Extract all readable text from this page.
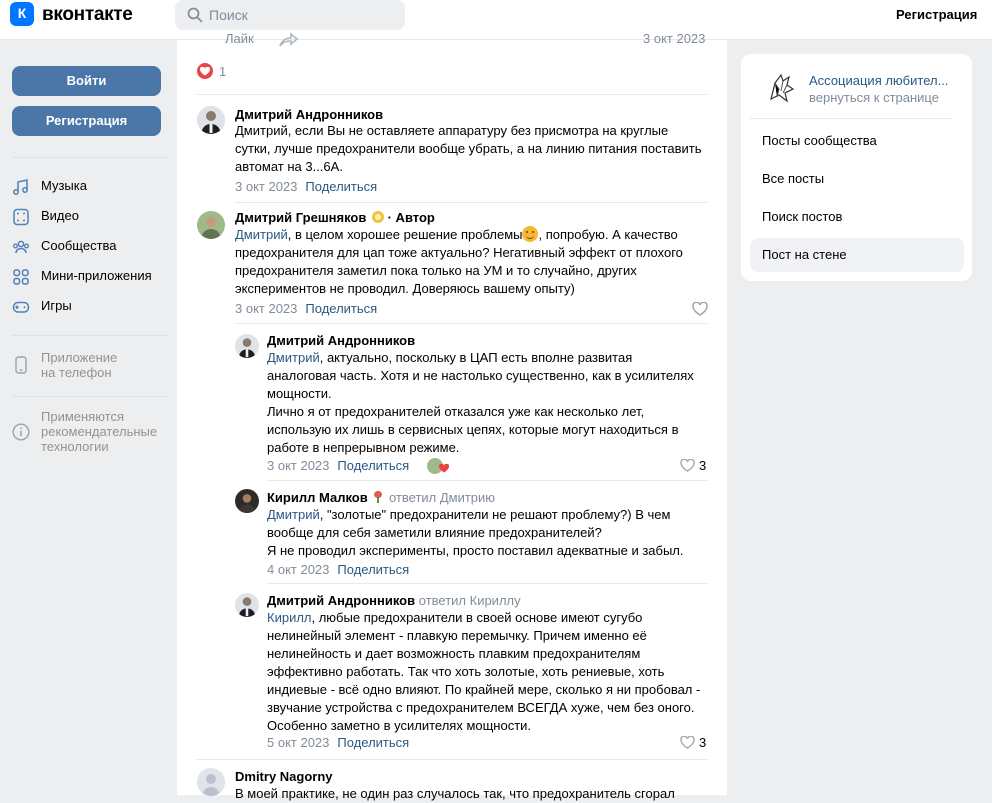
К вконтакте
Поиск	Регистрация
Войти
Регистрация
Музыка
Видео
Сообщества
Мини-приложения
Игры
Приложение
на телефон
Применяются
рекомендательные
технологии
Лайк	3 окт 2023
1
Дмитрий Андронников
Дмитрий, если Вы не оставляете аппаратуру без присмотра на круглые
сутки, лучше предохранители вообще убрать, а на линию питания поставить
автомат на 3...6А.
3 окт 2023 Поделиться
Дмитрий Грешняков · Автор
Дмитрий, в целом хорошее решение проблемы , попробую. А качество
предохранителя для цап тоже актуально? Негативный эффект от плохого
предохранителя заметил пока только на УМ и то случайно, других
экспериментов не проводил. Доверяюсь вашему опыту)
3 окт 2023 Поделиться
Дмитрий Андронников
Дмитрий, актуально, поскольку в ЦАП есть вполне развитая
аналоговая часть. Хотя и не настолько существенно, как в усилителях
мощности.
Лично я от предохранителей отказался уже как несколько лет,
использую их лишь в сервисных цепях, которые могут находиться в
работе в непрерывном режиме.
3 окт 2023 Поделиться	3
Кирилл Малков ответил Дмитрию
Дмитрий, "золотые" предохранители не решают проблему?) В чем
вообще для себя заметили влияние предохранителей?
Я не проводил эксперименты, просто поставил адекватные и забыл.
4 окт 2023 Поделиться
Дмитрий Андронников ответил Кириллу
Кирилл, любые предохранители в своей основе имеют сугубо
нелинейный элемент - плавкую перемычку. Причем именно её
нелинейность и дает возможность плавким предохранителям
эффективно работать. Так что хоть золотые, хоть рениевые, хоть
индиевые - всё одно влияют. По крайней мере, сколько я ни пробовал -
звучание устройства с предохранителем ВСЕГДА хуже, чем без оного.
Особенно заметно в усилителях мощности.
5 окт 2023 Поделиться	3
Dmitry Nagorny
В моей практике, не один раз случалось так, что предохранитель сгорал
Ассоциация любител...
вернуться к странице
Посты сообщества
Все посты
Поиск постов
Пост на стене
